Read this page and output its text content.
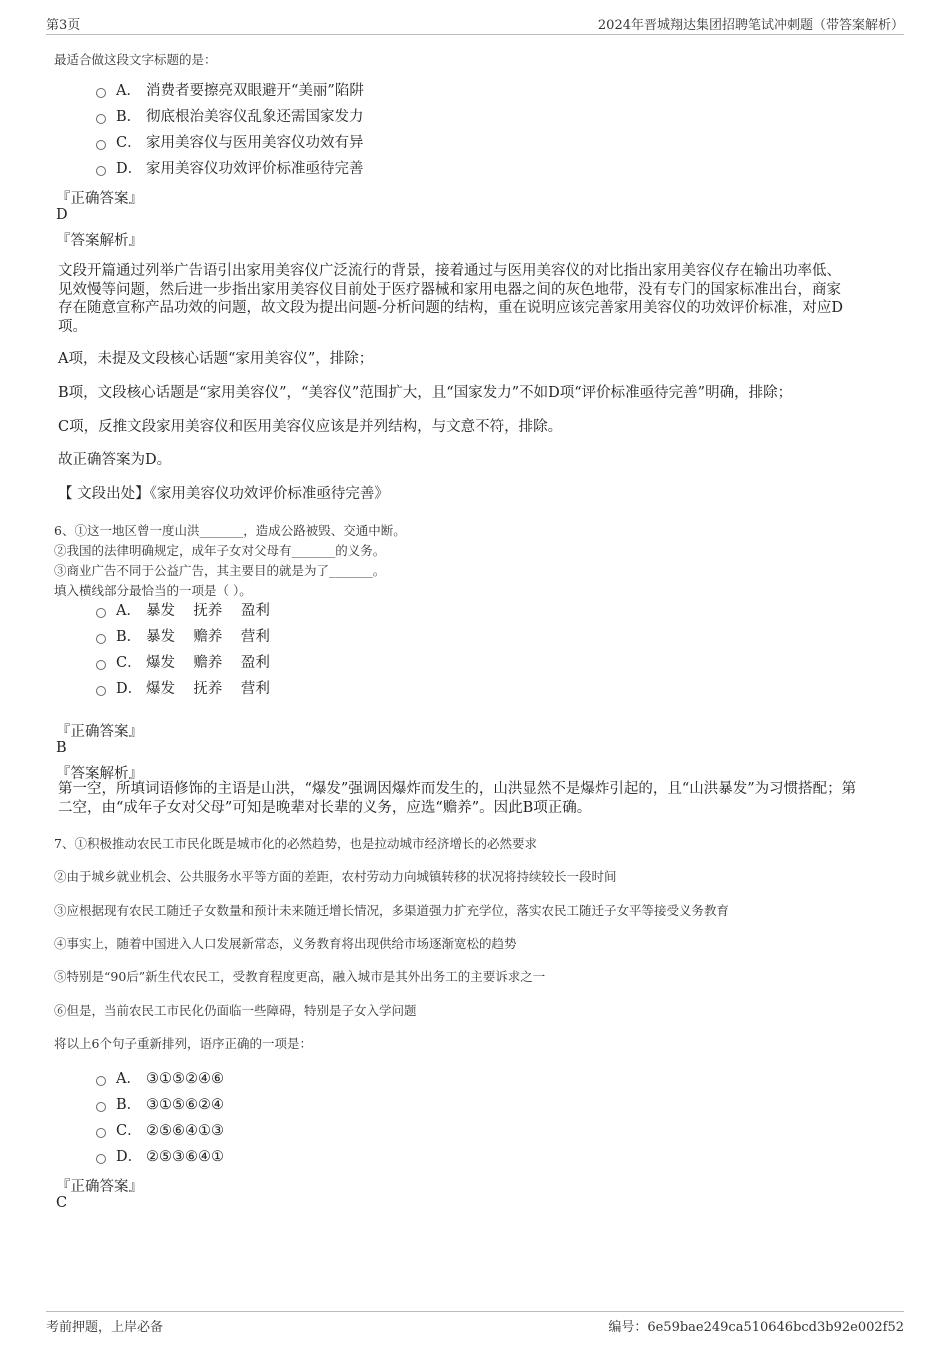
第3页	2024年晋城翔达集团招聘笔试冲刺题（带答案解析）
最适合做这段文字标题的是：
A． 消费者要擦亮双眼避开“美丽”陷阱
B． 彻底根治美容仪乱象还需国家发力
C． 家用美容仪与医用美容仪功效有异
D． 家用美容仪功效评价标准亟待完善
『正确答案』
D
『答案解析』
文段开篇通过列举广告语引出家用美容仪广泛流行的背景，接着通过与医用美容仪的对比指出家用美容仪存在输出功率低、
见效慢等问题，然后进一步指出家用美容仪目前处于医疗器械和家用电器之间的灰色地带，没有专门的国家标准出台，商家
存在随意宣称产品功效的问题，故文段为提出问题-分析问题的结构，重在说明应该完善家用美容仪的功效评价标准，对应D
项。
A项，未提及文段核心话题“家用美容仪”，排除；
B项，文段核心话题是“家用美容仪”，“美容仪”范围扩大，且“国家发力”不如D项“评价标准亟待完善”明确，排除；
C项，反推文段家用美容仪和医用美容仪应该是并列结构，与文意不符，排除。
故正确答案为D。
【 文段出处】《家用美容仪功效评价标准亟待完善》
6、①这一地区曾一度山洪_______，造成公路被毁、交通中断。
②我国的法律明确规定，成年子女对父母有_______的义务。
③商业广告不同于公益广告，其主要目的就是为了_______。
填入横线部分最恰当的一项是（ ）。
A． 暴发    抚养    盈利
B． 暴发    赡养    营利
C． 爆发    赡养    盈利
D． 爆发    抚养    营利
『正确答案』
B
『答案解析』
第一空，所填词语修饰的主语是山洪，“爆发”强调因爆炸而发生的，山洪显然不是爆炸引起的，且“山洪暴发”为习惯搭配；第
二空，由“成年子女对父母”可知是晚辈对长辈的义务，应选“赡养”。因此B项正确。
7、①积极推动农民工市民化既是城市化的必然趋势，也是拉动城市经济增长的必然要求
②由于城乡就业机会、公共服务水平等方面的差距，农村劳动力向城镇转移的状况将持续较长一段时间
③应根据现有农民工随迁子女数量和预计未来随迁增长情况，多渠道强力扩充学位，落实农民工随迁子女平等接受义务教育
④事实上，随着中国进入人口发展新常态，义务教育将出现供给市场逐渐宽松的趋势
⑤特别是“90后”新生代农民工，受教育程度更高，融入城市是其外出务工的主要诉求之一
⑥但是，当前农民工市民化仍面临一些障碍，特别是子女入学问题
将以上6个句子重新排列，语序正确的一项是：
A． ③①⑤②④⑥
B． ③①⑤⑥②④
C． ②⑤⑥④①③
D． ②⑤③⑥④①
『正确答案』
C
考前押题，上岸必备	编号：6e59bae249ca510646bcd3b92e002f52
